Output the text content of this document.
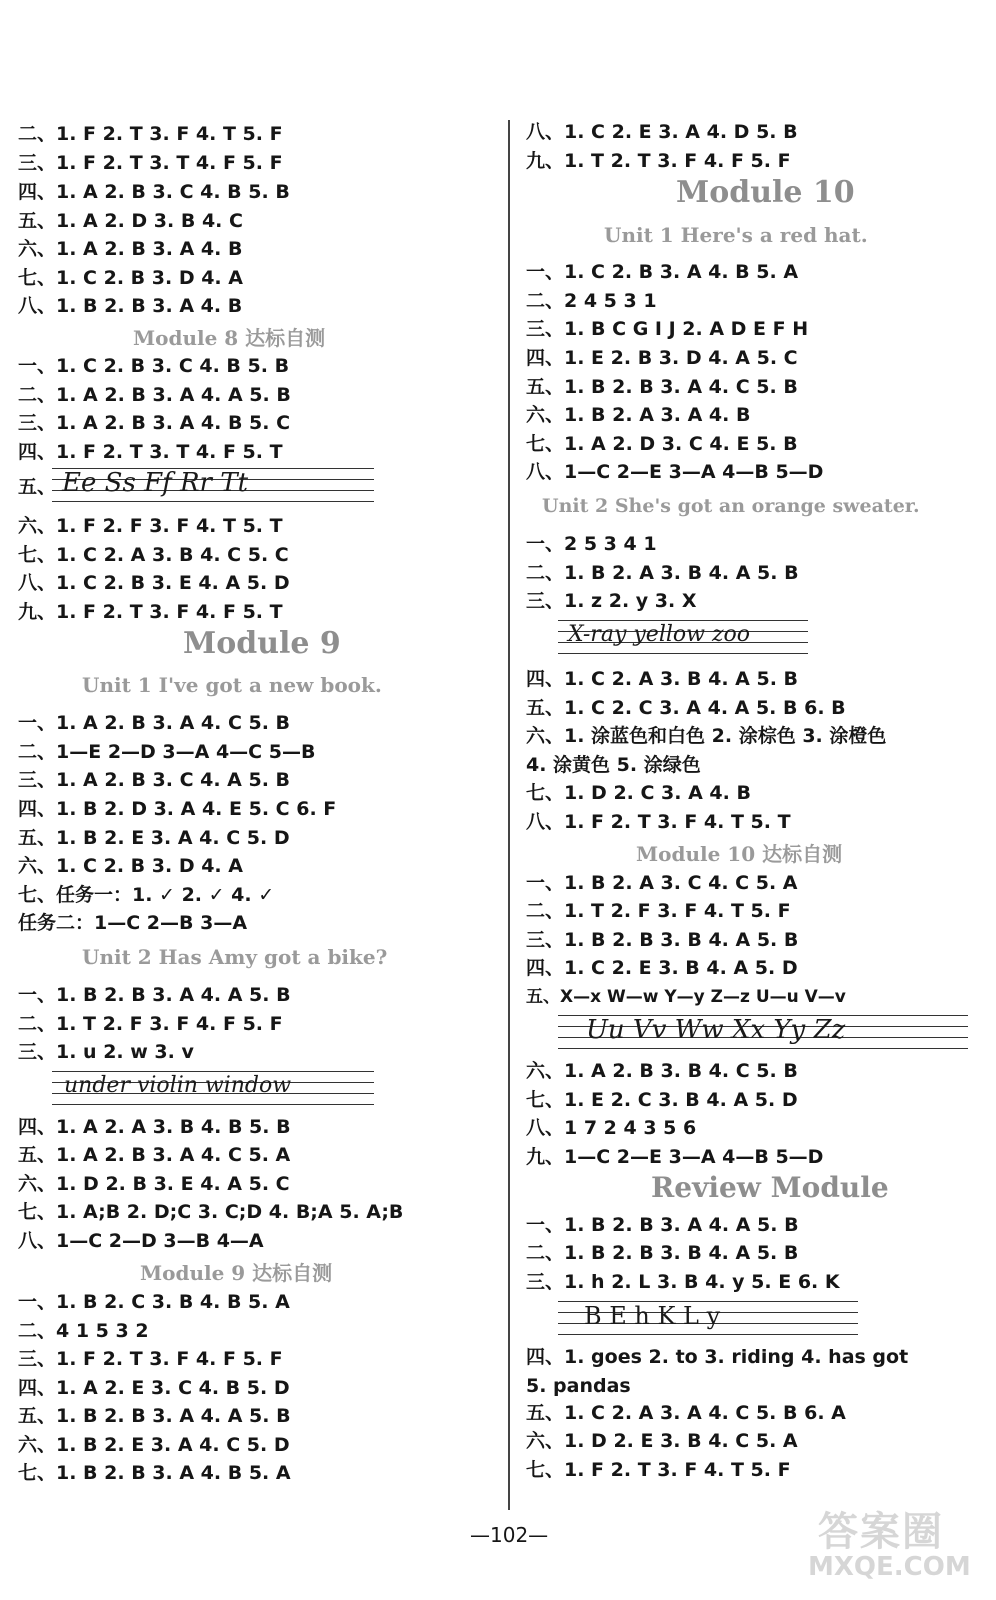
二、1. F 2. T 3. F 4. T 5. F
三、1. F 2. T 3. T 4. F 5. F
四、1. A 2. B 3. C 4. B 5. B
五、1. A 2. D 3. B 4. C
六、1. A 2. B 3. A 4. B
七、1. C 2. B 3. D 4. A
八、1. B 2. B 3. A 4. B
Module 8 达标自测
一、1. C 2. B 3. C 4. B 5. B
二、1. A 2. B 3. A 4. A 5. B
三、1. A 2. B 3. A 4. B 5. C
四、1. F 2. T 3. T 4. F 5. T
五、 Ee Ss Ff Rr Tt
六、1. F 2. F 3. F 4. T 5. T
七、1. C 2. A 3. B 4. C 5. C
八、1. C 2. B 3. E 4. A 5. D
九、1. F 2. T 3. F 4. F 5. T
Module 9
Unit 1 I've got a new book.
一、1. A 2. B 3. A 4. C 5. B
二、1—E 2—D 3—A 4—C 5—B
三、1. A 2. B 3. C 4. A 5. B
四、1. B 2. D 3. A 4. E 5. C 6. F
五、1. B 2. E 3. A 4. C 5. D
六、1. C 2. B 3. D 4. A
七、任务一：1. ✓ 2. ✓ 4. ✓
任务二：1—C 2—B 3—A
Unit 2 Has Amy got a bike?
一、1. B 2. B 3. A 4. A 5. B
二、1. T 2. F 3. F 4. F 5. F
三、1. u 2. w 3. v
under violin window
四、1. A 2. A 3. B 4. B 5. B
五、1. A 2. B 3. A 4. C 5. A
六、1. D 2. B 3. E 4. A 5. C
七、1. A;B 2. D;C 3. C;D 4. B;A 5. A;B
八、1—C 2—D 3—B 4—A
Module 9 达标自测
一、1. B 2. C 3. B 4. B 5. A
二、4 1 5 3 2
三、1. F 2. T 3. F 4. F 5. F
四、1. A 2. E 3. C 4. B 5. D
五、1. B 2. B 3. A 4. A 5. B
六、1. B 2. E 3. A 4. C 5. D
七、1. B 2. B 3. A 4. B 5. A
八、1. C 2. E 3. A 4. D 5. B
九、1. T 2. T 3. F 4. F 5. F
Module 10
Unit 1 Here's a red hat.
一、1. C 2. B 3. A 4. B 5. A
二、2 4 5 3 1
三、1. B C G I J 2. A D E F H
四、1. E 2. B 3. D 4. A 5. C
五、1. B 2. B 3. A 4. C 5. B
六、1. B 2. A 3. A 4. B
七、1. A 2. D 3. C 4. E 5. B
八、1—C 2—E 3—A 4—B 5—D
Unit 2 She's got an orange sweater.
一、2 5 3 4 1
二、1. B 2. A 3. B 4. A 5. B
三、1. z 2. y 3. X
X-ray yellow zoo
四、1. C 2. A 3. B 4. A 5. B
五、1. C 2. C 3. A 4. A 5. B 6. B
六、1. 涂蓝色和白色 2. 涂棕色 3. 涂橙色
4. 涂黄色 5. 涂绿色
七、1. D 2. C 3. A 4. B
八、1. F 2. T 3. F 4. T 5. T
Module 10 达标自测
一、1. B 2. A 3. C 4. C 5. A
二、1. T 2. F 3. F 4. T 5. F
三、1. B 2. B 3. B 4. A 5. B
四、1. C 2. E 3. B 4. A 5. D
五、X—x W—w Y—y Z—z U—u V—v
Uu Vv Ww Xx Yy Zz
六、1. A 2. B 3. B 4. C 5. B
七、1. E 2. C 3. B 4. A 5. D
八、1 7 2 4 3 5 6
九、1—C 2—E 3—A 4—B 5—D
Review Module
一、1. B 2. B 3. A 4. A 5. B
二、1. B 2. B 3. B 4. A 5. B
三、1. h 2. L 3. B 4. y 5. E 6. K
B E h K L y
四、1. goes 2. to 3. riding 4. has got
5. pandas
五、1. C 2. A 3. A 4. C 5. B 6. A
六、1. D 2. E 3. B 4. C 5. A
七、1. F 2. T 3. F 4. T 5. F
—102—	答案圈
MXQE.COM
